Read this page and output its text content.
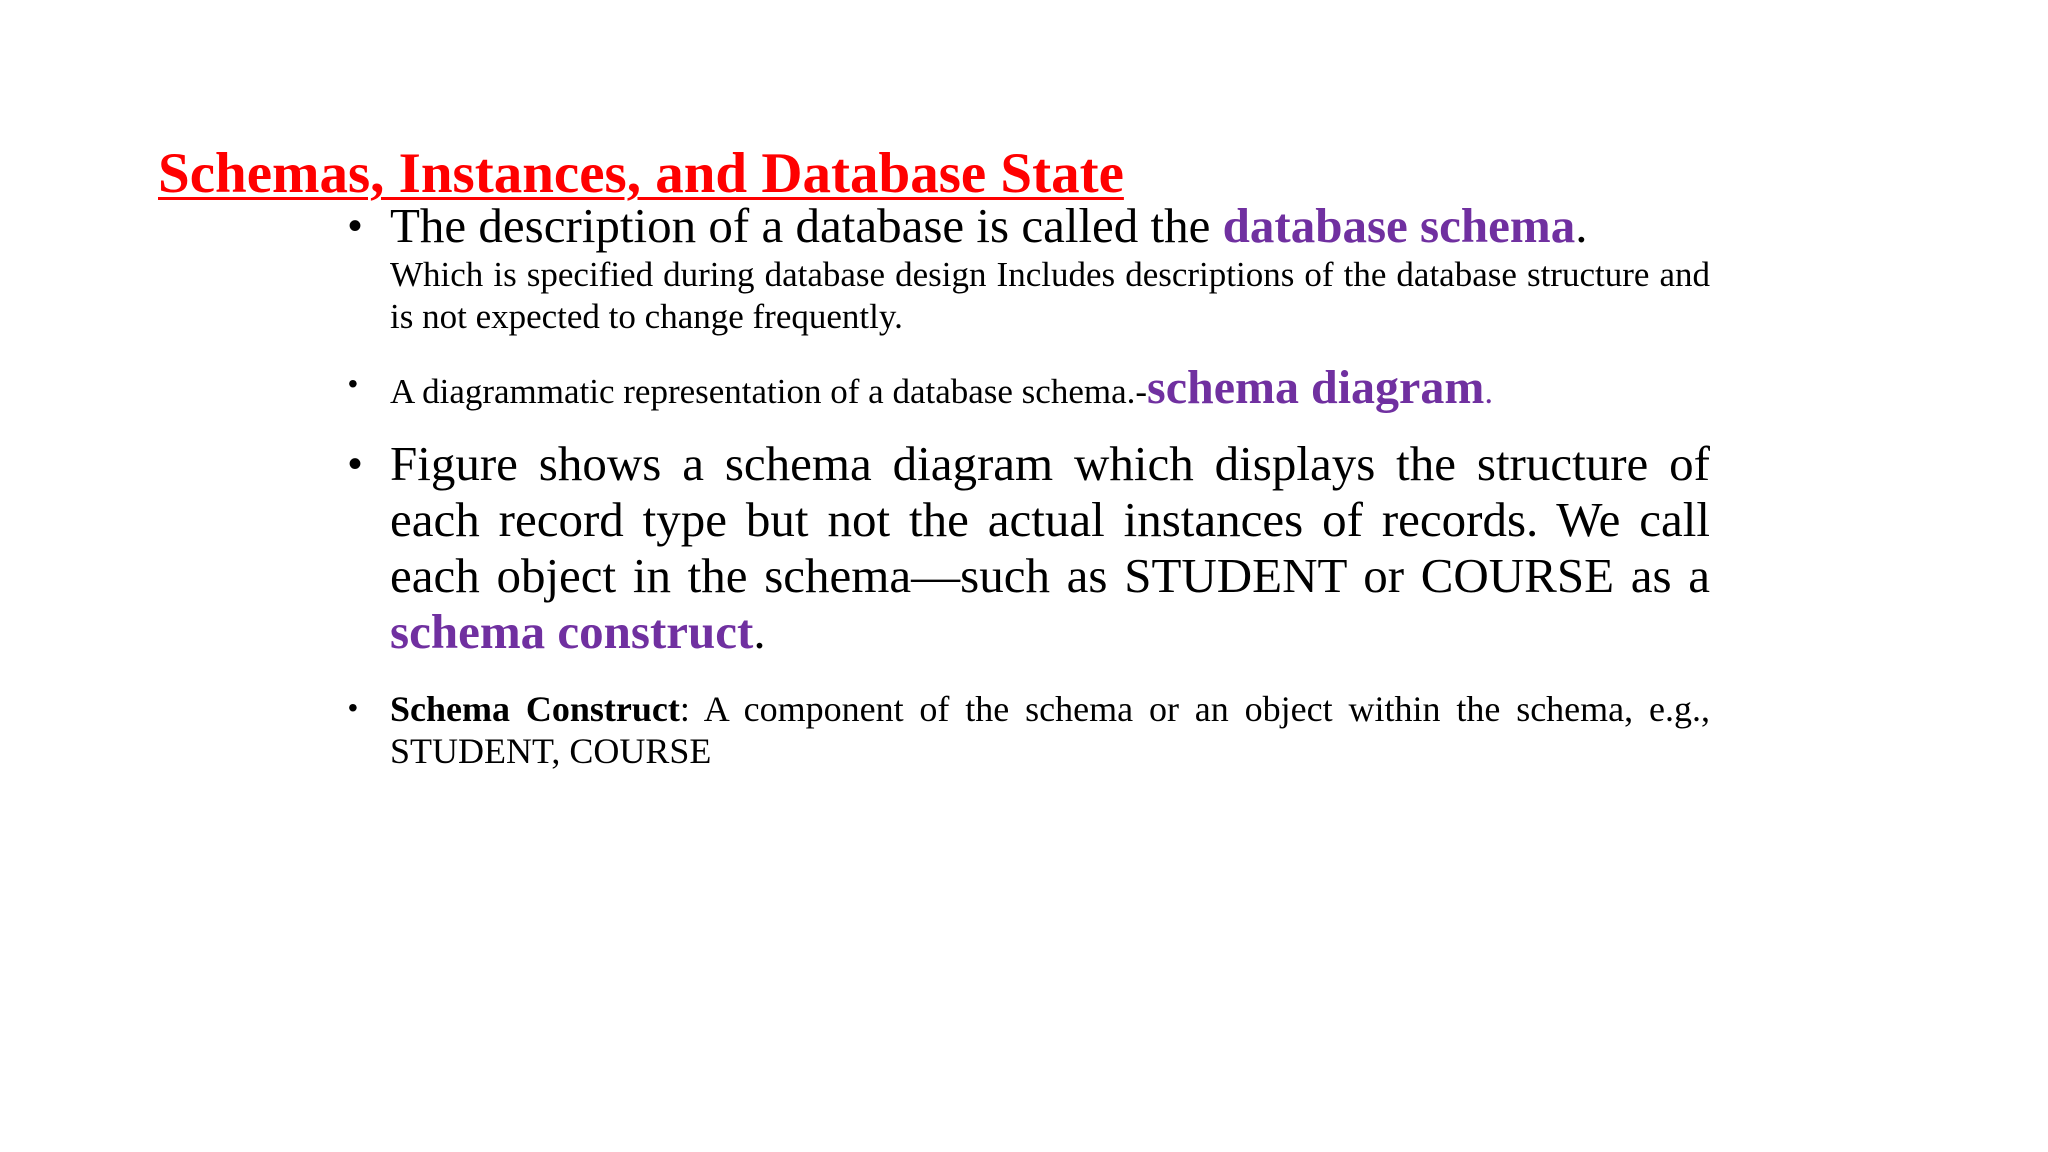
Schemas, Instances, and Database State
• The description of a database is called the database schema.
Which is specified during database design Includes descriptions of the database structure and is not expected to change frequently.
• A diagrammatic representation of a database schema.-schema diagram.
• Figure shows a schema diagram which displays the structure of each record type but not the actual instances of records. We call each object in the schema—such as STUDENT or COURSE as a schema construct.
• Schema Construct: A component of the schema or an object within the schema, e.g., STUDENT, COURSE
